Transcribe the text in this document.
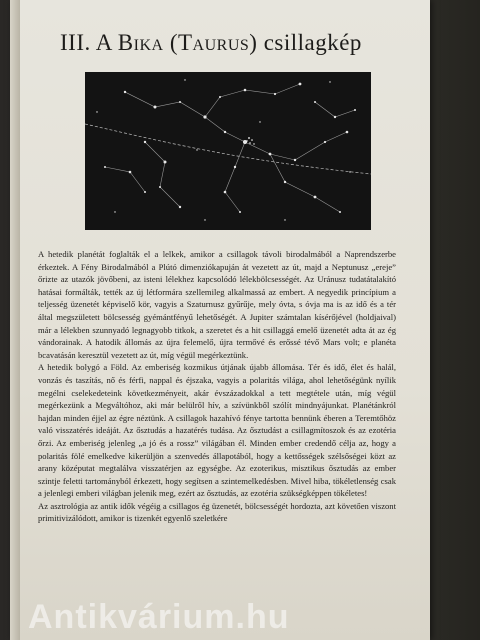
III. A BIKA (TAURUS) csillagkép

A hetedik planétát foglalták el a lelkek, amikor a csillagok távoli birodalmából a Naprendszerbe érkeztek. A Fény Birodalmából a Plútó dimenziókapuján át vezetett az út, majd a Neptunusz „ereje” őrizte az utazók jövőbeni, az isteni lélekhez kapcsolódó lélekbölcsességét. Az Uránusz tudatátalakító hatásai formálták, tették az új létformára szellemileg alkalmassá az embert. A negyedik princípium a teljesség üzenetét képviselő kör, vagyis a Szaturnusz gyűrűje, mely óvta, s óvja ma is az idő és a tér által megszületett bölcsesség gyémántfényű lehetőségét. A Jupiter számtalan kísérőjével (holdjaival) már a lélekben szunnyadó legnagyobb titkok, a szeretet és a hit csillaggá emelő üzenetét adta át az ég vándorainak. A hatodik állomás az újra felemelő, újra termővé és erőssé tévő Mars volt; e planéta bcavatásán keresztül vezetett az út, míg végül megérkeztünk.

A hetedik bolygó a Föld. Az emberiség kozmikus útjának újabb állomása. Tér és idő, élet és halál, vonzás és taszítás, nő és férfi, nappal és éjszaka, vagyis a polaritás világa, ahol lehetőségünk nyílik megélni cselekedeteink következményeit, akár évszázadokkal a tett megtétele után, míg végül megérkezünk a Megváltóhoz, aki már belülről hív, a szívünkből szólít mindnyájunkat. Planétánkról hajdan minden éjjel az égre néztünk. A csillagok hazahívó fénye tartotta bennünk éberen a Teremtőhöz való visszatérés ideáját. Az ősztudás a hazatérés tudása. Az ősztudást a csillagmítoszok és az ezotéria őrzi. Az emberiség jelenleg „a jó és a rossz” világában él. Minden ember credendő célja az, hogy a polaritás fölé emelkedve kikerüljön a szenvedés állapotából, hogy a kettősségek szélsőségei közt az arany középutat megtalálva visszatérjen az egységbe. Az ezoterikus, misztikus ősztudás az ember szintje feletti tartományból érkezett, hogy segítsen a szintemelkedésben. Mivel hiba, tökéletlenség csak a jelenlegi emberi világban jelenik meg, ezért az ősztudás, az ezotéria szükségképpen tökéletes!

Az asztrológia az antik idők végéig a csillagos ég üzenetét, bölcsességét hordozta, azt követően viszont primitivizálódott, amikor is tizenkét egyenlő szeletkére

Antikvárium.hu
